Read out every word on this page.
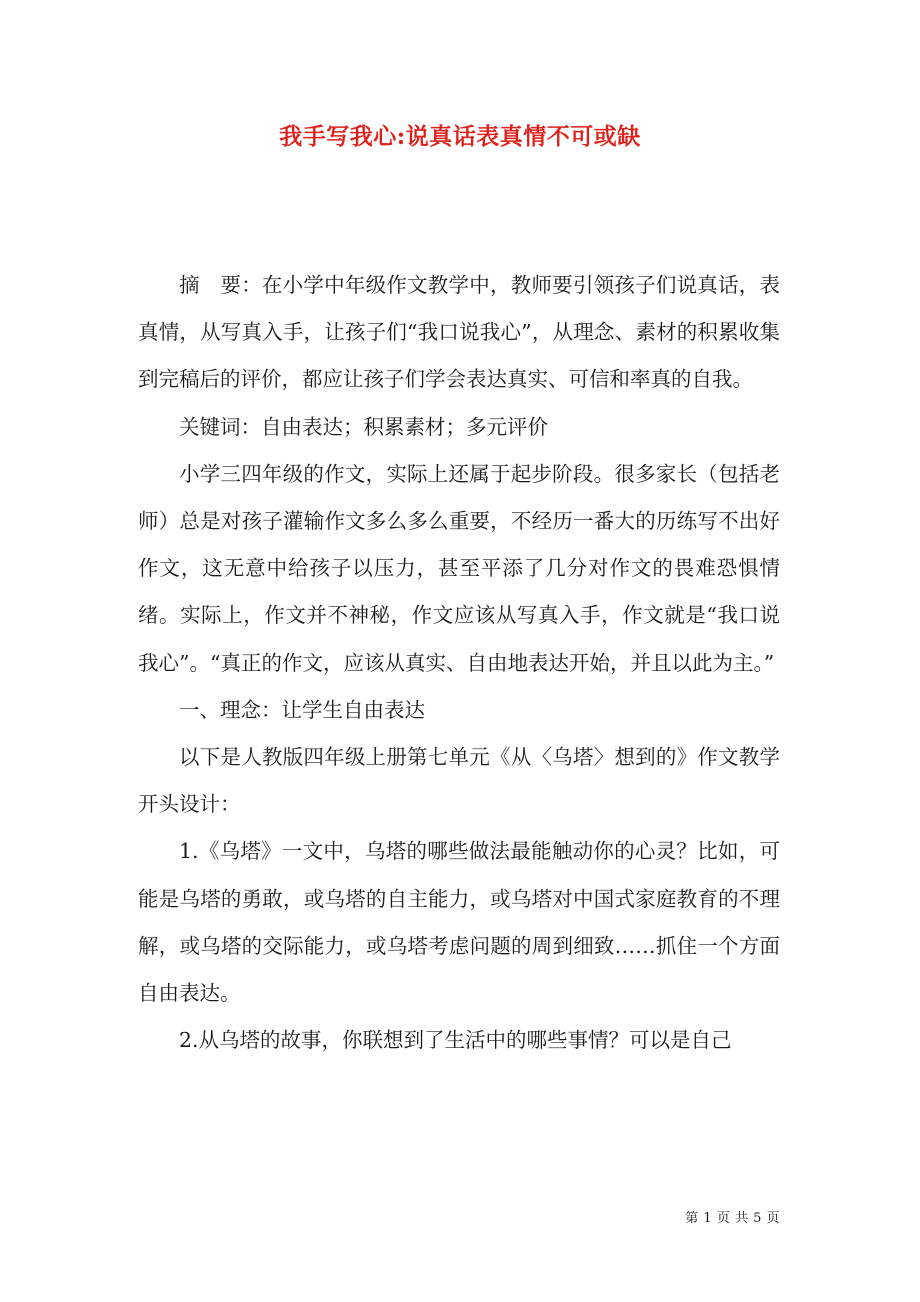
我手写我心:说真话表真情不可或缺

摘　要：在小学中年级作文教学中，教师要引领孩子们说真话，表真情，从写真入手，让孩子们“我口说我心”，从理念、素材的积累收集到完稿后的评价，都应让孩子们学会表达真实、可信和率真的自我。

关键词：自由表达；积累素材；多元评价

小学三四年级的作文，实际上还属于起步阶段。很多家长（包括老师）总是对孩子灌输作文多么多么重要，不经历一番大的历练写不出好作文，这无意中给孩子以压力，甚至平添了几分对作文的畏难恐惧情绪。实际上，作文并不神秘，作文应该从写真入手，作文就是“我口说我心”。“真正的作文，应该从真实、自由地表达开始，并且以此为主。”

一、理念：让学生自由表达

以下是人教版四年级上册第七单元《从〈乌塔〉想到的》作文教学开头设计：

1.《乌塔》一文中，乌塔的哪些做法最能触动你的心灵？比如，可能是乌塔的勇敢，或乌塔的自主能力，或乌塔对中国式家庭教育的不理解，或乌塔的交际能力，或乌塔考虑问题的周到细致……抓住一个方面自由表达。

2.从乌塔的故事，你联想到了生活中的哪些事情？可以是自己

第 1 页 共 5 页
